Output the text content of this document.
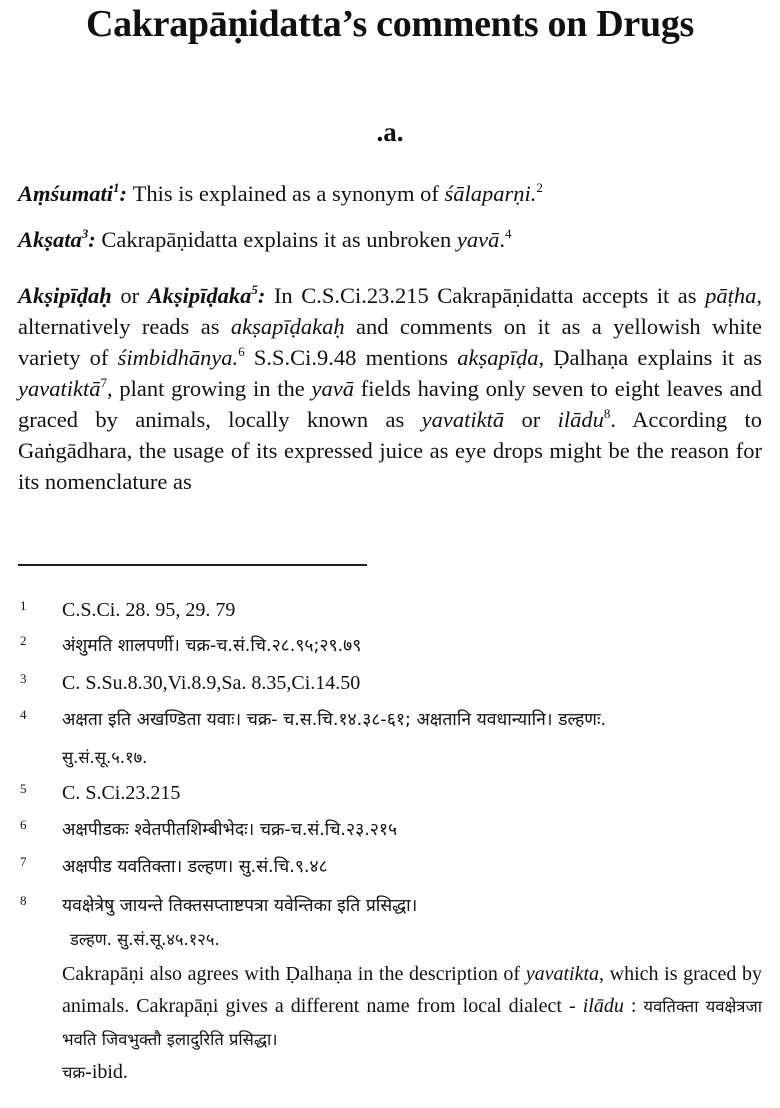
Cakrapāṇidatta’s comments on Drugs
.a.

Aṃśumati$^1$: This is explained as a synonym of śālaparṇi.$^2$

Akṣata$^3$: Cakrapāṇidatta explains it as unbroken yavā.$^4$

Akṣipīḍaḥ or Akṣipīḍaka$^5$: In C.S.Ci.23.215 Cakrapāṇidatta accepts it as pāṭha, alternatively reads as akṣapīḍakaḥ and comments on it as a yellowish white variety of śimbidhānya.$^6$ S.S.Ci.9.48 mentions akṣapīḍa, Ḍalhaṇa explains it as yavatiktā$^7$, plant growing in the yavā fields having only seven to eight leaves and graced by animals, locally known as yavatiktā or ilādu$^8$. According to Gaṅgādhara, the usage of its expressed juice as eye drops might be the reason for its nomenclature as

1 C.S.Ci. 28. 95, 29. 79
2 अंशुमति शालपर्णी। चक्र-च.सं.चि.२८.९५;२९.७९
3 C. S.Su.8.30,Vi.8.9,Sa. 8.35,Ci.14.50
4 अक्षता इति अखण्डिता यवाः। चक्र- च.स.चि.१४.३८-६१; अक्षतानि यवधान्यानि। डल्हणः.
सु.सं.सू.५.१७.
5 C. S.Ci.23.215
6 अक्षपीडकः श्वेतपीतशिम्बीभेदः। चक्र-च.सं.चि.२३.२१५
7 अक्षपीड यवतिक्ता। डल्हण। सु.सं.चि.९.४८
8 यवक्षेत्रेषु जायन्ते तिक्तसप्ताष्टपत्रा यवेन्तिका इति प्रसिद्धा।
डल्हण. सु.सं.सू.४५.१२५.
Cakrapāṇi also agrees with Ḍalhaṇa in the description of yavatikta, which is graced by animals. Cakrapāṇi gives a different name from local dialect - ilādu : यवतिक्ता यवक्षेत्रजा भवति जिवभुक्तौ इलादुरिति प्रसिद्धा।
चक्र-ibid.
